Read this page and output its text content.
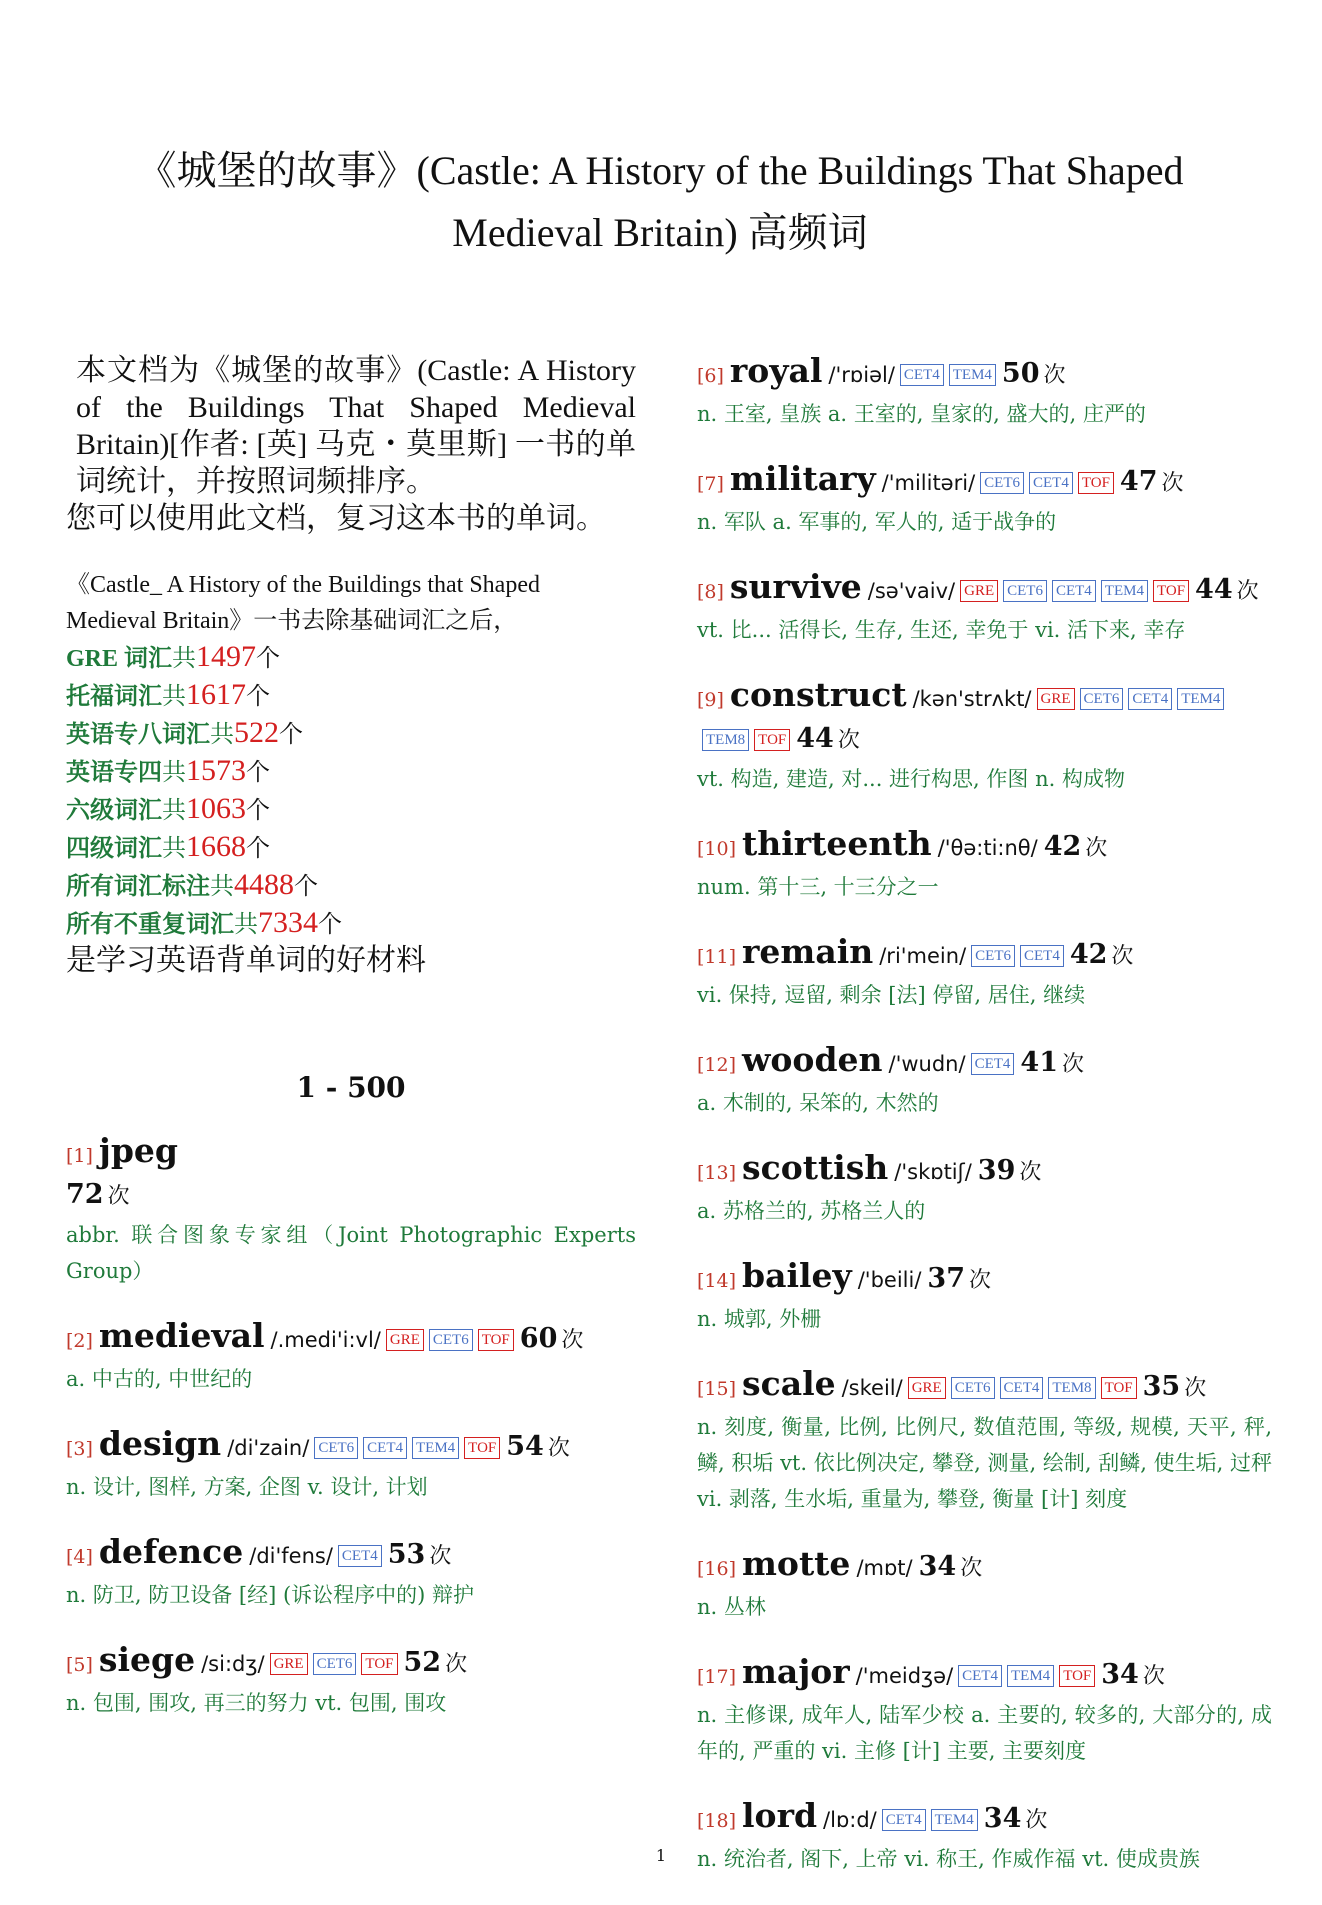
《城堡的故事》(Castle: A History of the Buildings That Shaped Medieval Britain) 高频词
本文档为《城堡的故事》(Castle: A History of the Buildings That Shaped Medieval Britain)[作者: [英] 马克・莫里斯] 一书的单词统计，并按照词频排序。
您可以使用此文档，复习这本书的单词。
《Castle_ A History of the Buildings that Shaped Medieval Britain》一书去除基础词汇之后，
GRE 词汇共1497个
托福词汇共1617个
英语专八词汇共522个
英语专四共1573个
六级词汇共1063个
四级词汇共1668个
所有词汇标注共4488个
所有不重复词汇共7334个
是学习英语背单词的好材料
1 - 500
[1] jpeg
72 次
abbr. 联合图象专家组（Joint Photographic Experts Group）
[2] medieval /.medi'i:vl/ GRE CET6 TOF 60 次
a. 中古的, 中世纪的
[3] design /di'zain/ CET6 CET4 TEM4 TOF 54 次
n. 设计, 图样, 方案, 企图 v. 设计, 计划
[4] defence /di'fens/ CET4 53 次
n. 防卫, 防卫设备 [经] (诉讼程序中的) 辩护
[5] siege /si:dʒ/ GRE CET6 TOF 52 次
n. 包围, 围攻, 再三的努力 vt. 包围, 围攻
[6] royal /'rɒiəl/ CET4 TEM4 50 次
n. 王室, 皇族 a. 王室的, 皇家的, 盛大的, 庄严的
[7] military /'militəri/ CET6 CET4 TOF 47 次
n. 军队 a. 军事的, 军人的, 适于战争的
[8] survive /sə'vaiv/ GRE CET6 CET4 TEM4 TOF 44 次
vt. 比... 活得长, 生存, 生还, 幸免于 vi. 活下来, 幸存
[9] construct /kən'strʌkt/ GRE CET6 CET4 TEM4TEM8 TOF 44 次
vt. 构造, 建造, 对... 进行构思, 作图 n. 构成物
[10] thirteenth /'θə:ti:nθ/ 42 次
num. 第十三, 十三分之一
[11] remain /ri'mein/ CET6 CET4 42 次
vi. 保持, 逗留, 剩余 [法] 停留, 居住, 继续
[12] wooden /'wudn/ CET4 41 次
a. 木制的, 呆笨的, 木然的
[13] scottish /'skɒtiʃ/ 39 次
a. 苏格兰的, 苏格兰人的
[14] bailey /'beili/ 37 次
n. 城郭, 外栅
[15] scale /skeil/ GRE CET6 CET4 TEM8 TOF 35 次
n. 刻度, 衡量, 比例, 比例尺, 数值范围, 等级, 规模, 天平, 秤, 鳞, 积垢 vt. 依比例决定, 攀登, 测量, 绘制, 刮鳞, 使生垢, 过秤 vi. 剥落, 生水垢, 重量为, 攀登, 衡量 [计] 刻度
[16] motte /mɒt/ 34 次
n. 丛林
[17] major /'meidʒə/ CET4 TEM4 TOF 34 次
n. 主修课, 成年人, 陆军少校 a. 主要的, 较多的, 大部分的, 成年的, 严重的 vi. 主修 [计] 主要, 主要刻度
[18] lord /lɒ:d/ CET4 TEM4 34 次
n. 统治者, 阁下, 上帝 vi. 称王, 作威作福 vt. 使成贵族
1
